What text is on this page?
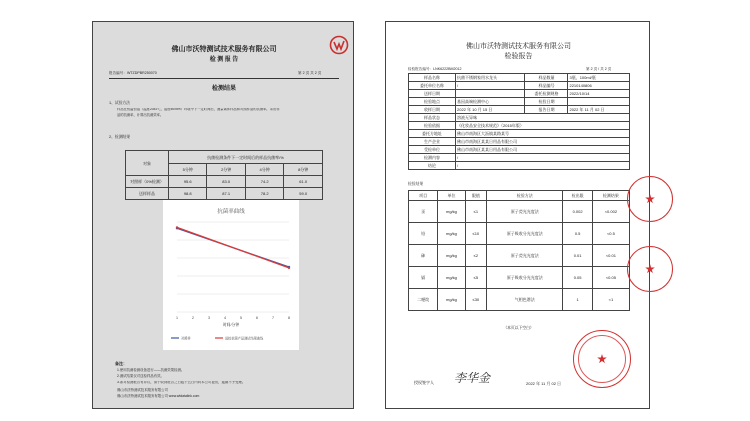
佛山市沃特测试技术服务有限公司
检 测 报 告
报告编号：WTZDPBR250070	第 2 页 共 2 页
检测结果
1、试验方法
样品在恒温恒湿（温度23±2℃，湿度50±5%）环境中下一定时间后，测量离体样品和对照样品的抗菌率，求出样
品的抗菌率，计算出抗菌效率。
2、检测结果
对象	抗菌检测条件下一定时间后的样品抗菌率/%			
	5分钟	2分钟	4分钟	8分钟
对照样（0%检测）	95.6	83.0	74.2	61.0
送样样品	98.8	87.1	78.2	59.0
抗菌率曲线
1	2	3	4	5	6	7	8
时间/分钟
对照样	送检抗菌产品测试结果曲线
备注：
1.使用抗菌检测设备进行——抗菌效果检测。
2.测试结果仅对送检样品有效。
3.如对检测报告有异议，请于收到报告之日起十五日内向本公司提出，逾期不予受理。
佛山市沃特测试技术服务有限公司
佛山市沃特测试技术服务有限公司 www.wtdatalink.com
佛山市沃特测试技术服务有限公司
检验报告
检验报告编号：LNK6222BM2012	第 2 页 / 共 2 页
样品名称	抗菌不锈钢家用水龙头	样品数量	3瓶，100ml/瓶
委托单位名称	/	样品编号	2210140806
送样日期		委托检测规格	2022/10/14
检验地点	基因高端检测中心	检验日期	
收样日期	2022 年 10 月 15 日	报告日期	2022 年 11 月 02 日
样品状态	溶液无异味		
检验依据	《化妆品安全技术规范》（2015年版）		
委托方地址	佛山市南海区大沥镇某路某号		
生产企业	佛山市南海区某某日用品有限公司		
受检单位	佛山市南海区某某日用品有限公司		
检测内容	/		
结论	/		
检验结果
项目	单位	限值	检验方法	检出限	检测结果
汞	mg/kg	≤1	原子荧光光度法	0.002	<0.002
铅	mg/kg	≤10	原子吸收分光光度法	0.5	<0.5
砷	mg/kg	≤2	原子荧光光度法	0.01	<0.01
镉	mg/kg	≤5	原子吸收分光光度法	0.05	<0.05
二噁烷	mg/kg	≤30	气相色谱法	1	<1
（本页以下空白）
授权签字人 李华金	2022 年 11 月 02 日
